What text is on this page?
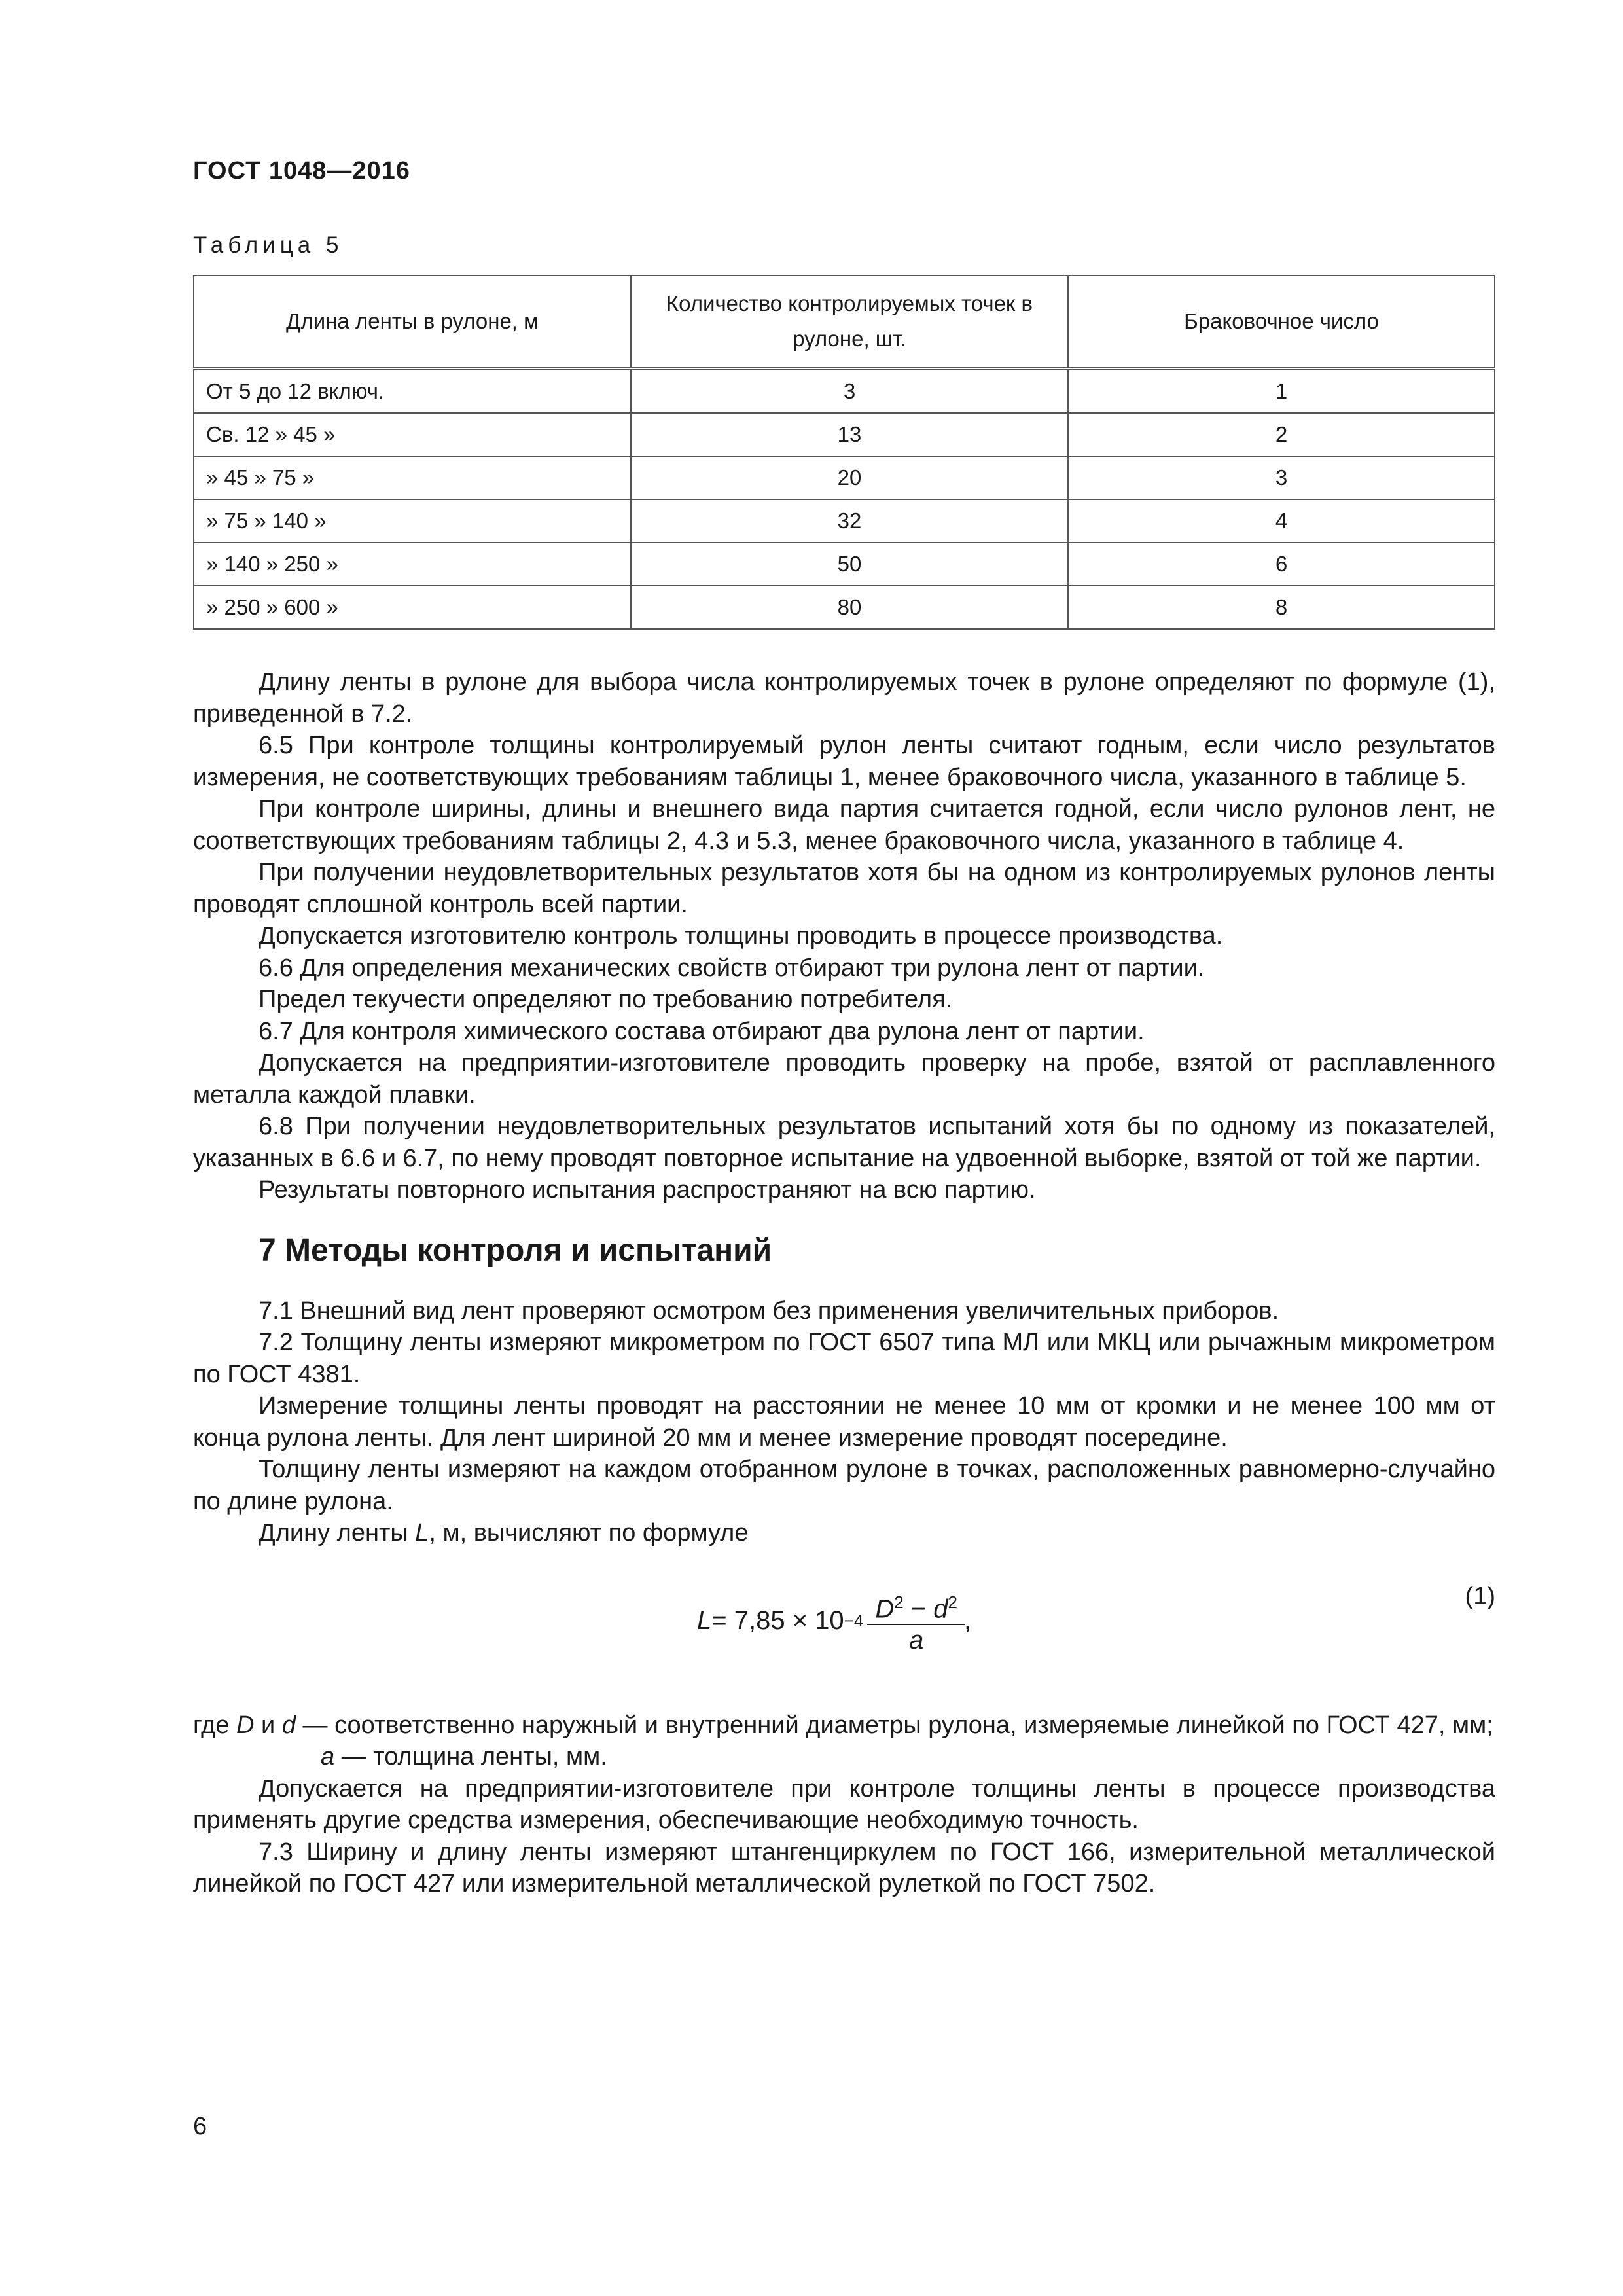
ГОСТ 1048—2016
Таблица 5
Длина ленты в рулоне, м	Количество контролируемых точек в рулоне, шт.	Браковочное число
От 5 до 12 включ.	3	1
Св. 12 » 45 »	13	2
» 45 » 75 »	20	3
» 75 » 140 »	32	4
» 140 » 250 »	50	6
» 250 » 600 »	80	8

Длину ленты в рулоне для выбора числа контролируемых точек в рулоне определяют по формуле (1), приведенной в 7.2.

6.5 При контроле толщины контролируемый рулон ленты считают годным, если число результатов измерения, не соответствующих требованиям таблицы 1, менее браковочного числа, указанного в таблице 5.

При контроле ширины, длины и внешнего вида партия считается годной, если число рулонов лент, не соответствующих требованиям таблицы 2, 4.3 и 5.3, менее браковочного числа, указанного в таблице 4.

При получении неудовлетворительных результатов хотя бы на одном из контролируемых рулонов ленты проводят сплошной контроль всей партии.

Допускается изготовителю контроль толщины проводить в процессе производства.

6.6 Для определения механических свойств отбирают три рулона лент от партии.

Предел текучести определяют по требованию потребителя.

6.7 Для контроля химического состава отбирают два рулона лент от партии.

Допускается на предприятии-изготовителе проводить проверку на пробе, взятой от расплавленного металла каждой плавки.

6.8 При получении неудовлетворительных результатов испытаний хотя бы по одному из показателей, указанных в 6.6 и 6.7, по нему проводят повторное испытание на удвоенной выборке, взятой от той же партии.

Результаты повторного испытания распространяют на всю партию.

7 Методы контроля и испытаний

7.1 Внешний вид лент проверяют осмотром без применения увеличительных приборов.

7.2 Толщину ленты измеряют микрометром по ГОСТ 6507 типа МЛ или МКЦ или рычажным микрометром по ГОСТ 4381.

Измерение толщины ленты проводят на расстоянии не менее 10 мм от кромки и не менее 100 мм от конца рулона ленты. Для лент шириной 20 мм и менее измерение проводят посередине.

Толщину ленты измеряют на каждом отобранном рулоне в точках, расположенных равномерно-случайно по длине рулона.

Длину ленты L, м, вычисляют по формуле

$L = 7,85 \times 10 -4 \frac{D^2 - d^2}{a}$ ,
(1)

где D и d — соответственно наружный и внутренний диаметры рулона, измеряемые линейкой по ГОСТ 427, мм;

a — толщина ленты, мм.

Допускается на предприятии-изготовителе при контроле толщины ленты в процессе производства применять другие средства измерения, обеспечивающие необходимую точность.

7.3 Ширину и длину ленты измеряют штангенциркулем по ГОСТ 166, измерительной металлической линейкой по ГОСТ 427 или измерительной металлической рулеткой по ГОСТ 7502.

6
